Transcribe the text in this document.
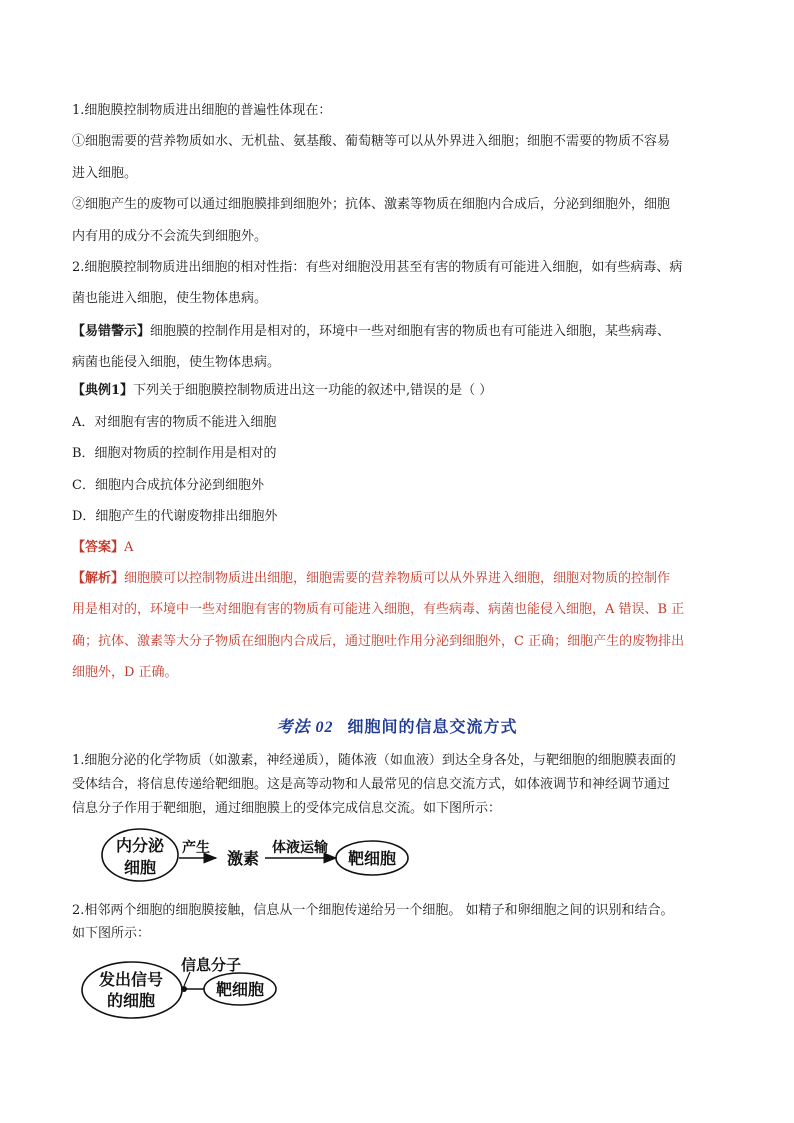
1.细胞膜控制物质进出细胞的普遍性体现在：

①细胞需要的营养物质如水、无机盐、氨基酸、葡萄糖等可以从外界进入细胞；细胞不需要的物质不容易

进入细胞。

②细胞产生的废物可以通过细胞膜排到细胞外；抗体、激素等物质在细胞内合成后，分泌到细胞外，细胞

内有用的成分不会流失到细胞外。

2.细胞膜控制物质进出细胞的相对性指：有些对细胞没用甚至有害的物质有可能进入细胞，如有些病毒、病

菌也能进入细胞，使生物体患病。

【易错警示】细胞膜的控制作用是相对的，环境中一些对细胞有害的物质也有可能进入细胞，某些病毒、

病菌也能侵入细胞，使生物体患病。

【典例1】下列关于细胞膜控制物质进出这一功能的叙述中,错误的是（ ）

A．对细胞有害的物质不能进入细胞

B．细胞对物质的控制作用是相对的

C．细胞内合成抗体分泌到细胞外

D．细胞产生的代谢废物排出细胞外

【答案】A

【解析】细胞膜可以控制物质进出细胞，细胞需要的营养物质可以从外界进入细胞，细胞对物质的控制作

用是相对的，环境中一些对细胞有害的物质有可能进入细胞，有些病毒、病菌也能侵入细胞，A 错误、B 正

确；抗体、激素等大分子物质在细胞内合成后，通过胞吐作用分泌到细胞外，C 正确；细胞产生的废物排出

细胞外，D 正确。

考法 02 细胞间的信息交流方式

1.细胞分泌的化学物质（如激素，神经递质），随体液（如血液）到达全身各处，与靶细胞的细胞膜表面的

受体结合，将信息传递给靶细胞。这是高等动物和人最常见的信息交流方式，如体液调节和神经调节通过

信息分子作用于靶细胞，通过细胞膜上的受体完成信息交流。如下图所示：

2.相邻两个细胞的细胞膜接触，信息从一个细胞传递给另一个细胞。 如精子和卵细胞之间的识别和结合。

如下图所示：

内分泌
细胞
产生
激素
体液运输
靶细胞
发出信号
的细胞
信息分子
靶细胞
